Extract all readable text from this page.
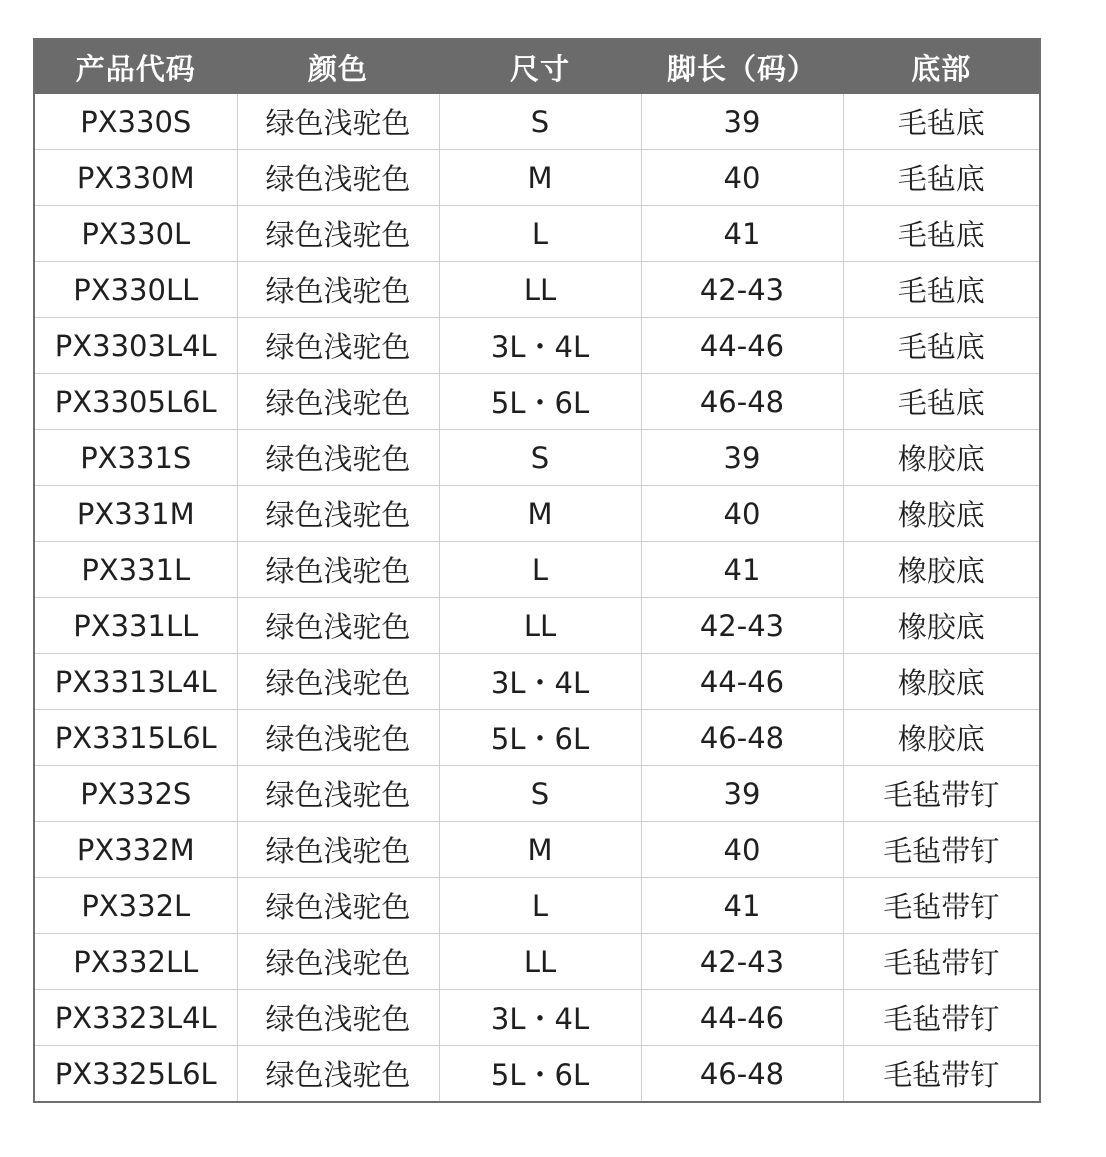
产品代码	颜色	尺寸	脚长（码）	底部
PX330S	绿色浅驼色	S	39	毛毡底
PX330M	绿色浅驼色	M	40	毛毡底
PX330L	绿色浅驼色	L	41	毛毡底
PX330LL	绿色浅驼色	LL	42-43	毛毡底
PX3303L4L	绿色浅驼色	3L・4L	44-46	毛毡底
PX3305L6L	绿色浅驼色	5L・6L	46-48	毛毡底
PX331S	绿色浅驼色	S	39	橡胶底
PX331M	绿色浅驼色	M	40	橡胶底
PX331L	绿色浅驼色	L	41	橡胶底
PX331LL	绿色浅驼色	LL	42-43	橡胶底
PX3313L4L	绿色浅驼色	3L・4L	44-46	橡胶底
PX3315L6L	绿色浅驼色	5L・6L	46-48	橡胶底
PX332S	绿色浅驼色	S	39	毛毡带钉
PX332M	绿色浅驼色	M	40	毛毡带钉
PX332L	绿色浅驼色	L	41	毛毡带钉
PX332LL	绿色浅驼色	LL	42-43	毛毡带钉
PX3323L4L	绿色浅驼色	3L・4L	44-46	毛毡带钉
PX3325L6L	绿色浅驼色	5L・6L	46-48	毛毡带钉
